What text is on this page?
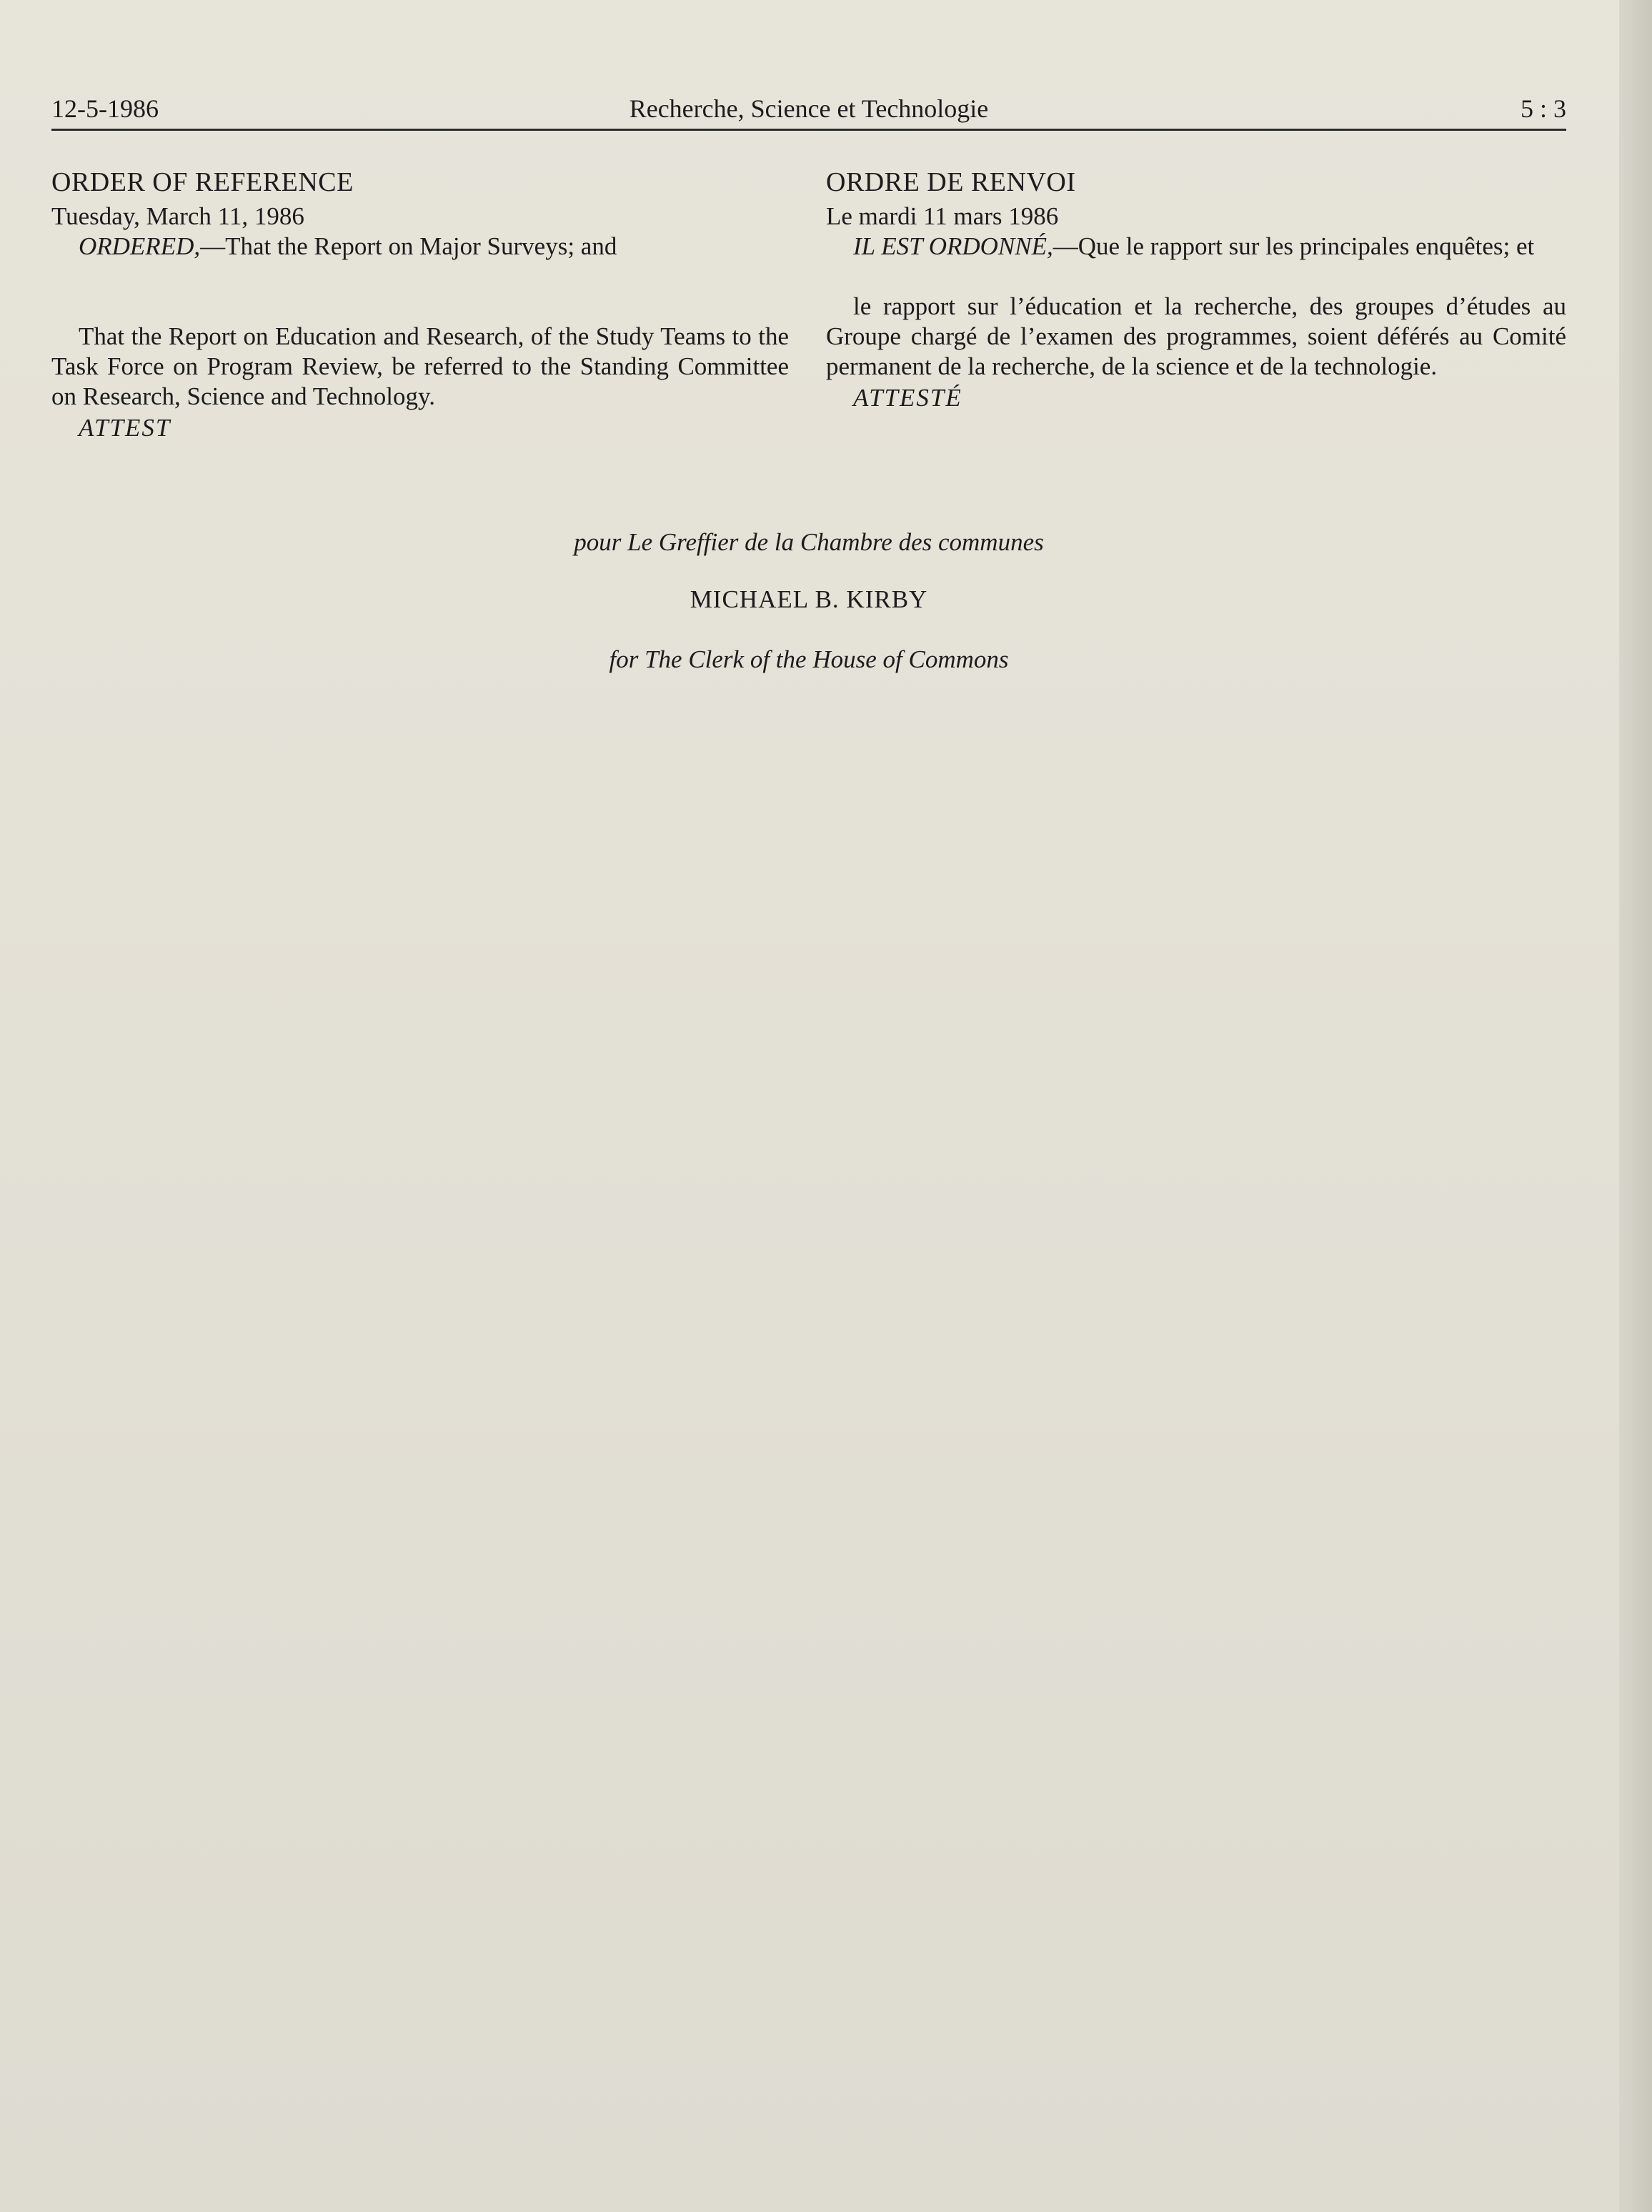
12-5-1986	Recherche, Science et Technologie	5 : 3
ORDER OF REFERENCE

Tuesday, March 11, 1986

ORDERED,—That the Report on Major Surveys; and

That the Report on Education and Research, of the Study Teams to the Task Force on Program Review, be referred to the Standing Committee on Research, Science and Technology.

ATTEST

ORDRE DE RENVOI

Le mardi 11 mars 1986

IL EST ORDONNÉ,—Que le rapport sur les principales enquêtes; et

le rapport sur l’éducation et la recherche, des groupes d’études au Groupe chargé de l’examen des programmes, soient déférés au Comité permanent de la recherche, de la science et de la technologie.

ATTESTÉ

pour Le Greffier de la Chambre des communes
MICHAEL B. KIRBY
for The Clerk of the House of Commons
